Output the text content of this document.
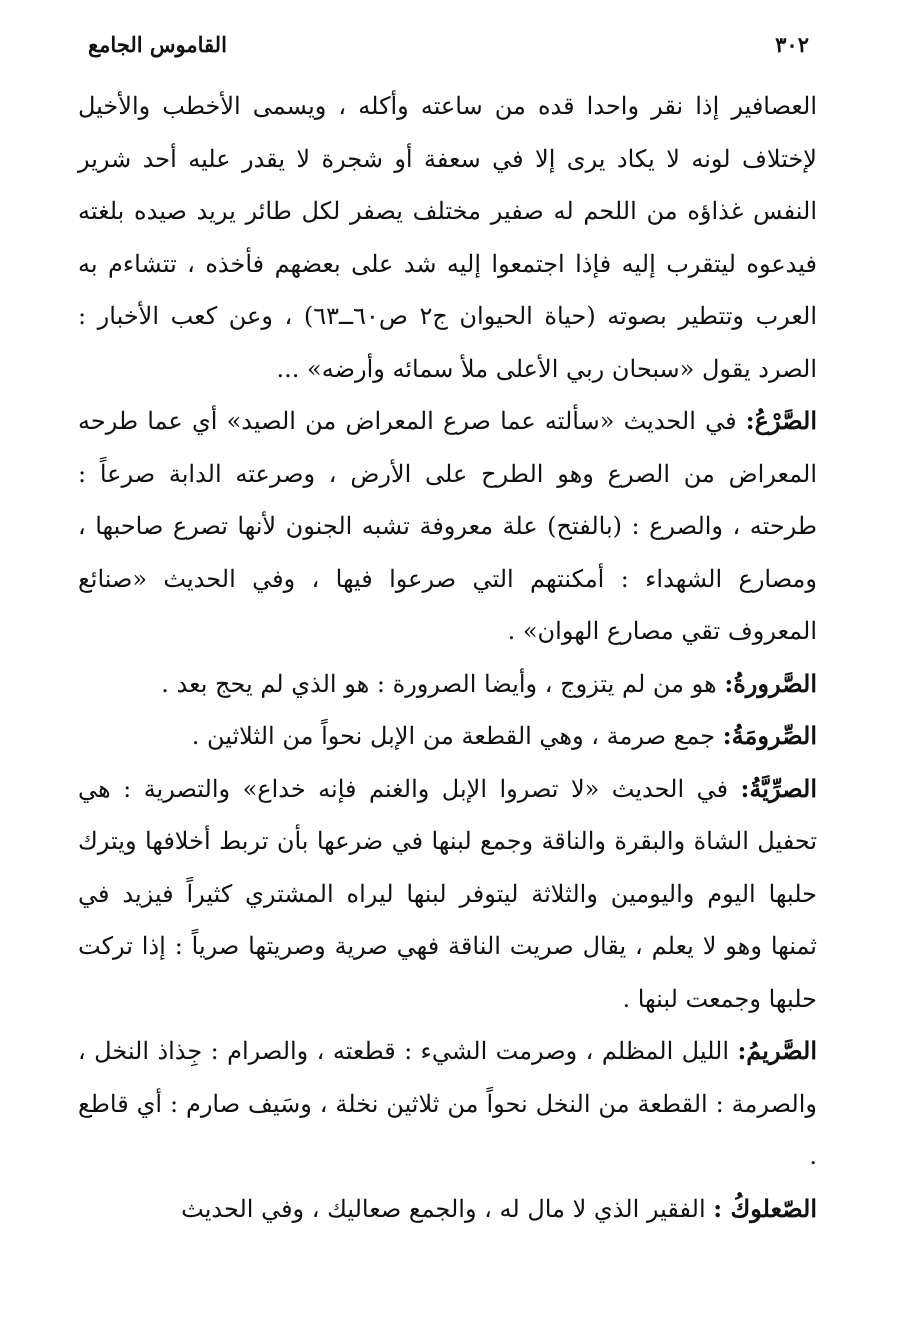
٣٠٢
القاموس الجامع

العصافير إذا نقر واحدا قده من ساعته وأكله ، ويسمى الأخطب والأخيل لإختلاف لونه لا يكاد يرى إلا في سعفة أو شجرة لا يقدر عليه أحد شرير النفس غذاؤه من اللحم له صفير مختلف يصفر لكل طائر يريد صيده بلغته فيدعوه ليتقرب إليه فإذا اجتمعوا إليه شد على بعضهم فأخذه ، تتشاءم به العرب وتتطير بصوته (حياة الحيوان ج٢ ص٦٠ــ٦٣) ، وعن كعب الأخبار : الصرد يقول «سبحان ربي الأعلى ملأ سمائه وأرضه» ...

الصَّرْعُ: في الحديث «سألته عما صرع المعراض من الصيد» أي عما طرحه المعراض من الصرع وهو الطرح على الأرض ، وصرعته الدابة صرعاً : طرحته ، والصرع : (بالفتح) علة معروفة تشبه الجنون لأنها تصرع صاحبها ، ومصارع الشهداء : أمكنتهم التي صرعوا فيها ، وفي الحديث «صنائع المعروف تقي مصارع الهوان» .

الصَّرورةُ: هو من لم يتزوج ، وأيضا الصرورة : هو الذي لم يحج بعد .

الصِّرومَةُ: جمع صرمة ، وهي القطعة من الإبل نحواً من الثلاثين .

الصرِّيَّةُ: في الحديث «لا تصروا الإبل والغنم فإنه خداع» والتصرية : هي تحفيل الشاة والبقرة والناقة وجمع لبنها في ضرعها بأن تربط أخلافها ويترك حلبها اليوم واليومين والثلاثة ليتوفر لبنها ليراه المشتري كثيراً فيزيد في ثمنها وهو لا يعلم ، يقال صريت الناقة فهي صرية وصريتها صرياً : إذا تركت حلبها وجمعت لبنها .

الصَّريمُ: الليل المظلم ، وصرمت الشيء : قطعته ، والصرام : جِذاذ النخل ، والصرمة : القطعة من النخل نحواً من ثلاثين نخلة ، وسَيف صارم : أي قاطع .

الصّعلوكُ : الفقير الذي لا مال له ، والجمع صعاليك ، وفي الحديث
